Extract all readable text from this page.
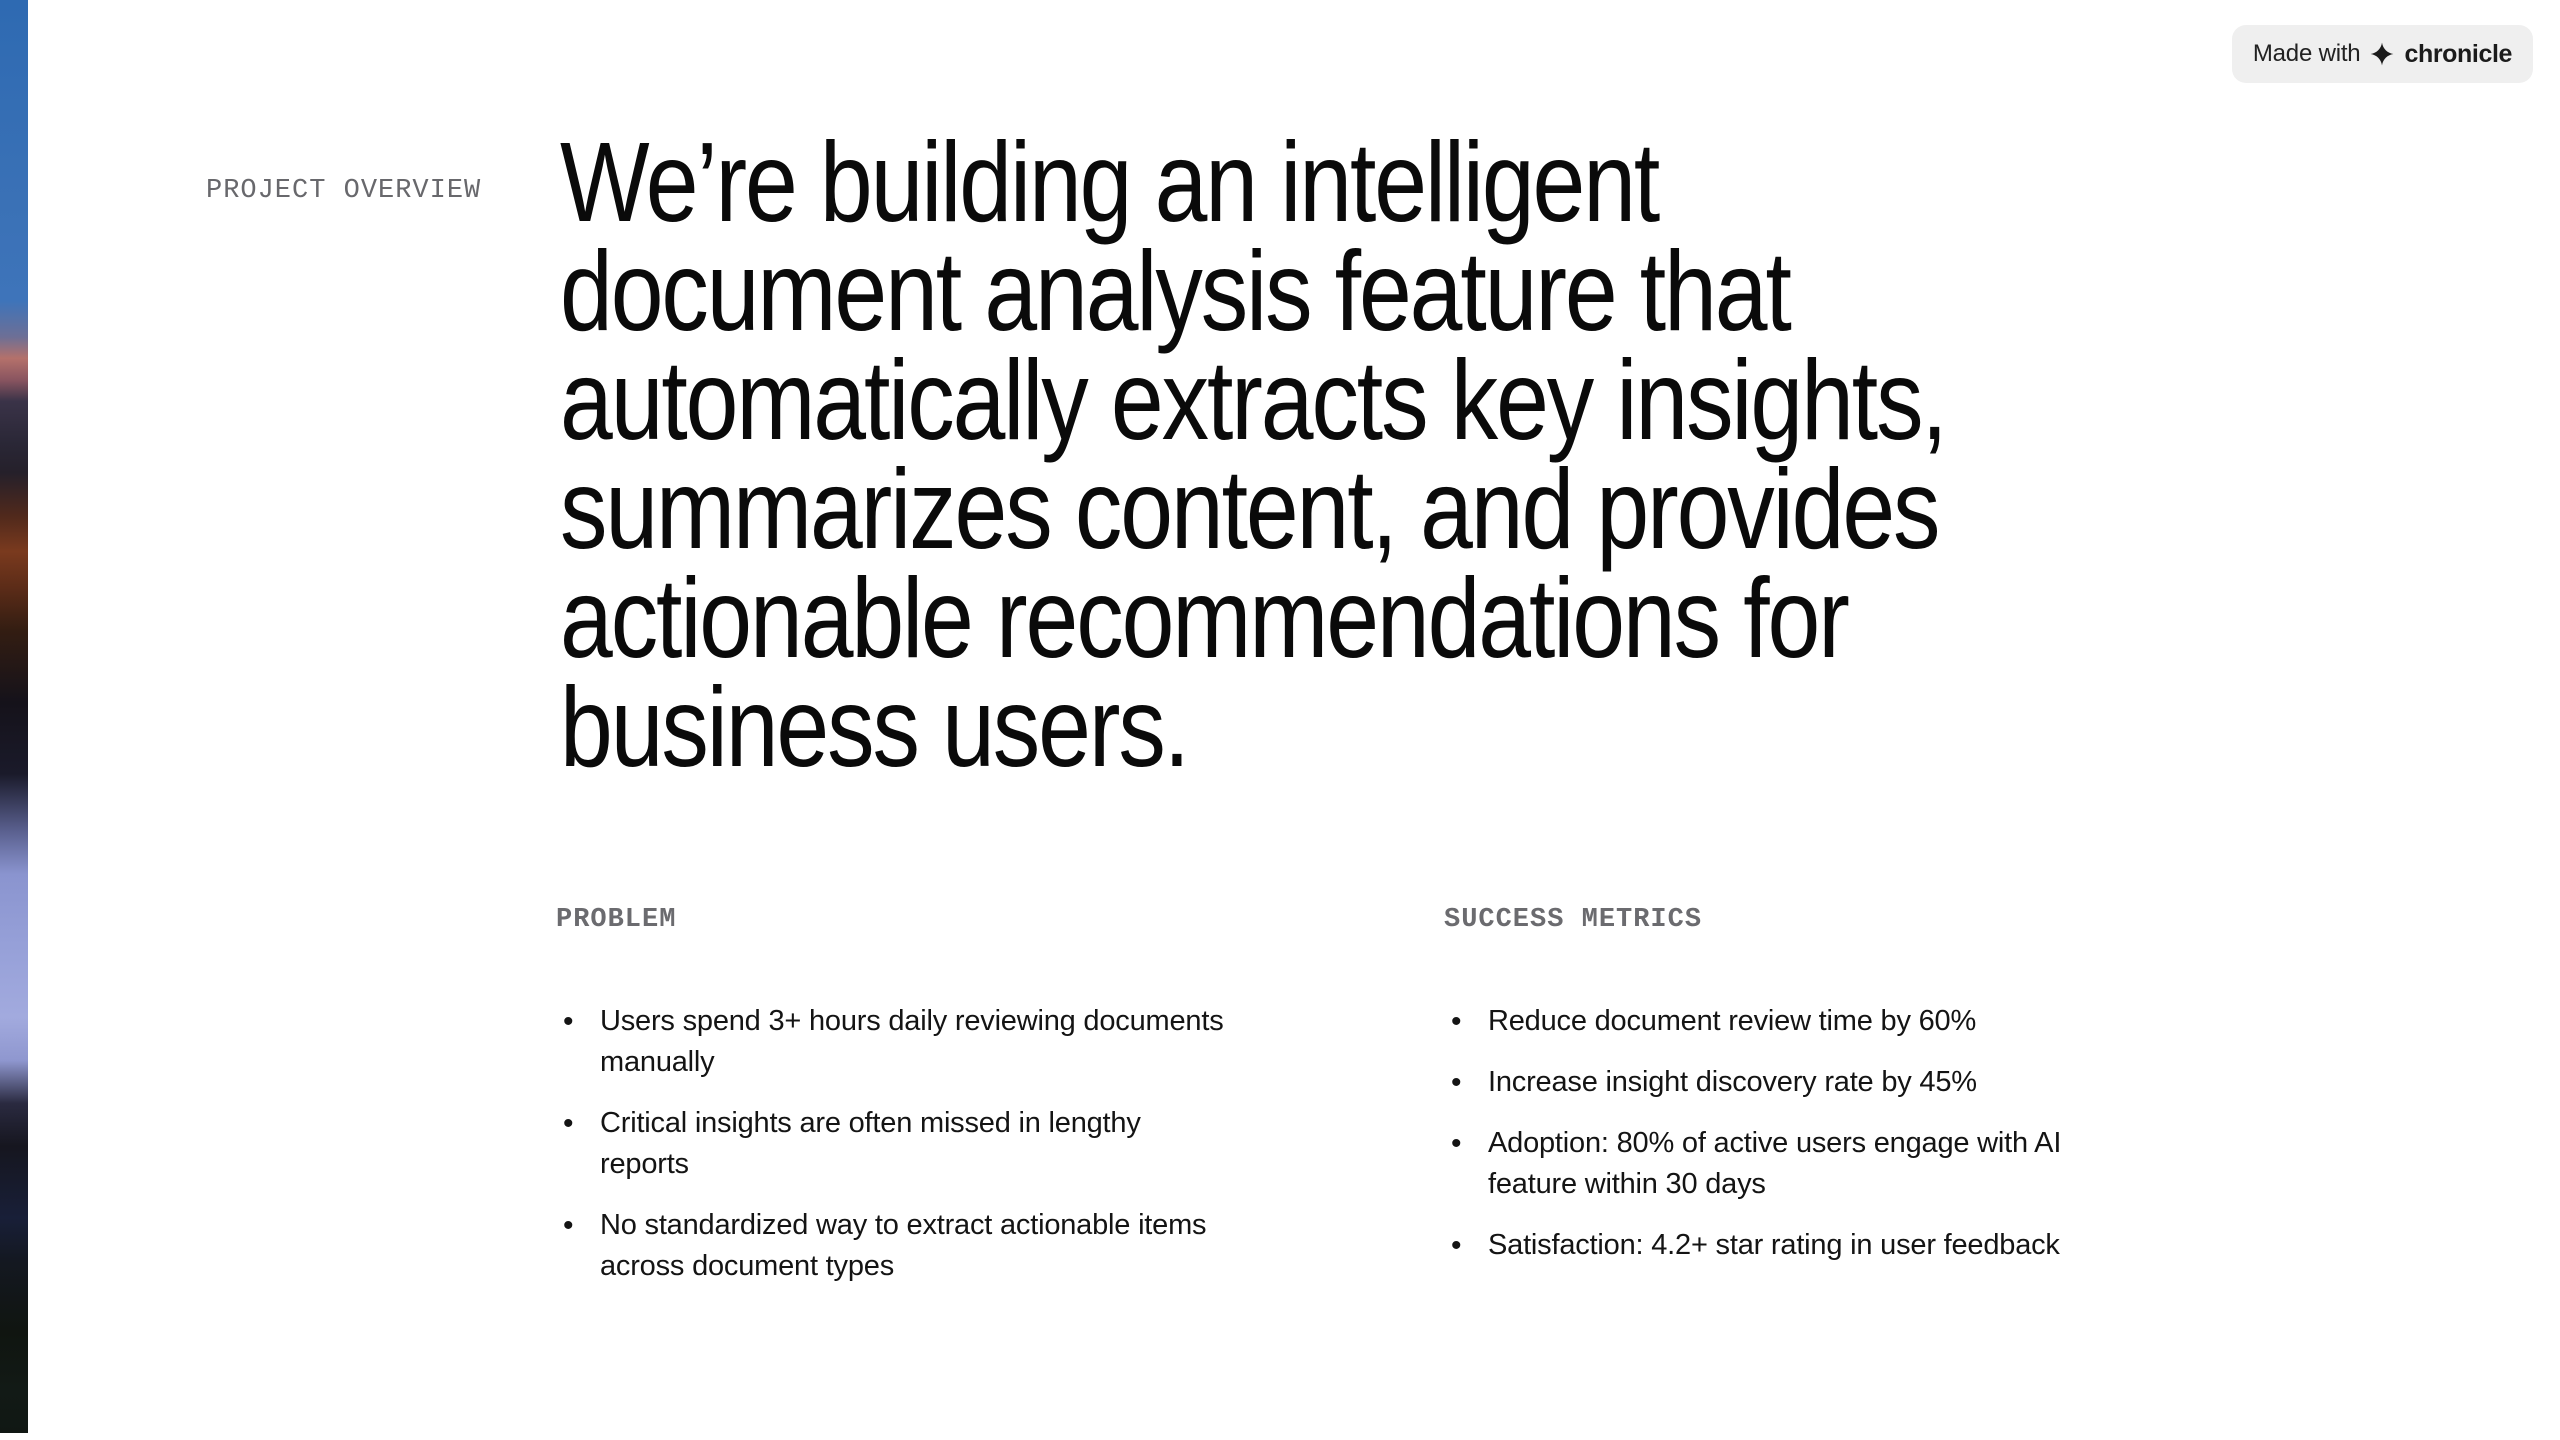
Made with chronicle
PROJECT OVERVIEW We’re building an intelligent
document analysis feature that
automatically extracts key insights,
summarizes content, and provides
actionable recommendations for
business users.
PROBLEM
• Users spend 3+ hours daily reviewing documents manually
• Critical insights are often missed in lengthy reports
• No standardized way to extract actionable items across document types
SUCCESS METRICS
• Reduce document review time by 60%
• Increase insight discovery rate by 45%
• Adoption: 80% of active users engage with AI feature within 30 days
• Satisfaction: 4.2+ star rating in user feedback
